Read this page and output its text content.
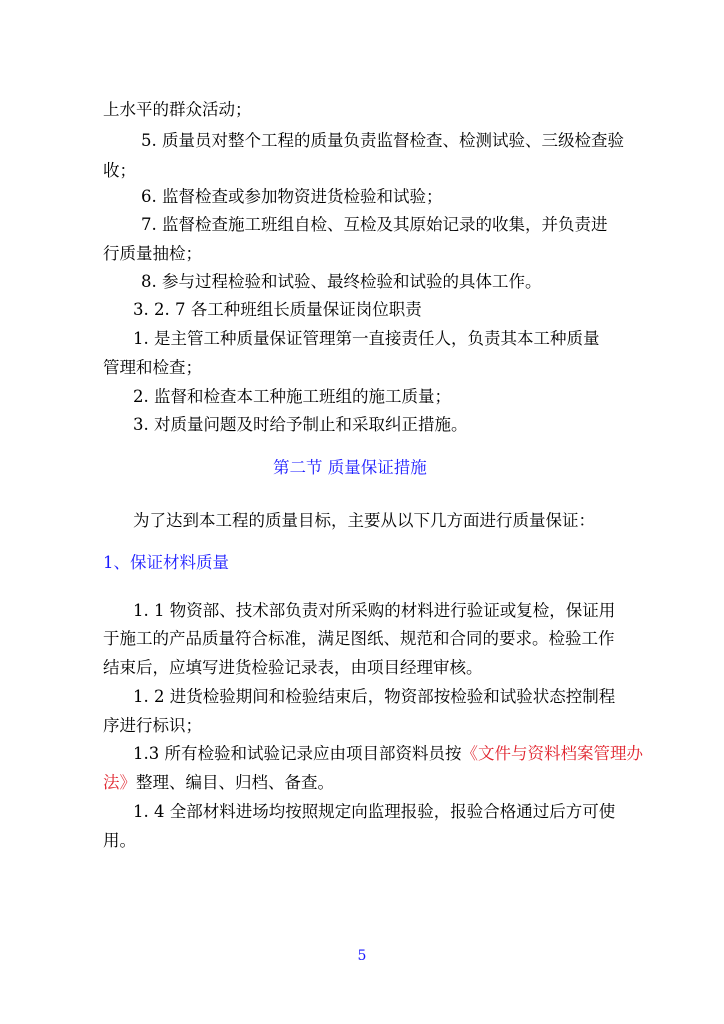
上水平的群众活动；
5. 质量员对整个工程的质量负责监督检查、检测试验、三级检查验
收；
6. 监督检查或参加物资进货检验和试验；
7. 监督检查施工班组自检、互检及其原始记录的收集，并负责进
行质量抽检；
8. 参与过程检验和试验、最终检验和试验的具体工作。
3. 2. 7 各工种班组长质量保证岗位职责
1. 是主管工种质量保证管理第一直接责任人，负责其本工种质量
管理和检查；
2. 监督和检查本工种施工班组的施工质量；
3. 对质量问题及时给予制止和采取纠正措施。
第二节 质量保证措施
为了达到本工程的质量目标，主要从以下几方面进行质量保证：
1、保证材料质量
1. 1 物资部、技术部负责对所采购的材料进行验证或复检，保证用
于施工的产品质量符合标准，满足图纸、规范和合同的要求。检验工作
结束后，应填写进货检验记录表，由项目经理审核。
1. 2 进货检验期间和检验结束后，物资部按检验和试验状态控制程
序进行标识；
1.3 所有检验和试验记录应由项目部资料员按《文件与资料档案管理办
法》整理、编目、归档、备查。
1. 4 全部材料进场均按照规定向监理报验，报验合格通过后方可使
用。
5
